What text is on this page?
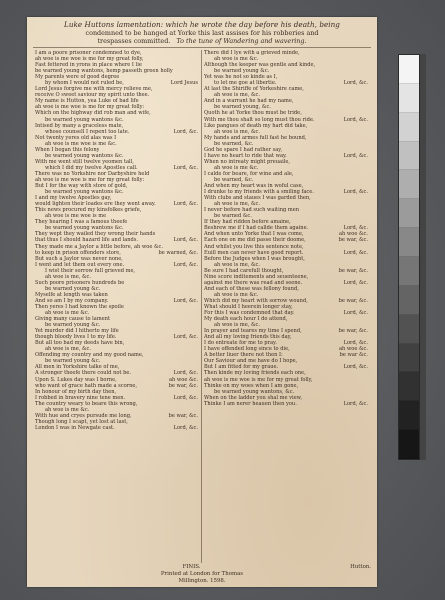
Luke Huttons lamentation: which he wrote the day before his death, being
condemned to be hanged at Yorke this last assises for his robberies and
trespasses committed. To the tune of Wandering and wavering.
I am a poore prisoner condemned to dye,
ah woe is me woe is me for my great folly,
Fast fettered in yrons in place where I lie
be warned young wantons, hemp passeth green holly
My parents were of good degree
by whom I would not ruled be,	Lord Jesus
Lord Jesus forgive me with mercy relieve me,
receive O sweet saviour my spirit unto thee.
My name is Hutton, yea Luke of bad life
ah woe is me woe is me for my great folly:
Which on the highway did rob man and wife,
be warned young wantons &c.
Intised by many a graceless mate,
whose counsell I repent too late.	Lord, &c.
Not twenty yeres old alas was I
ah woe is me woe is me &c.
When I began this felony
be warned young wantons &c.
With me went still twelve yeomen tall,
which I did my twelve Apostles call.	Lord, &c.
There was no Yorkshire nor Darbyshire held
ah woe is me woe is me for my great folly:
But I for the way with store of gold,
be warned young wantons &c.
I and my twelve Apostles gay,
would lighten their loades ere they went away.	Lord, &c.
This news procured my kinsfolkes griefe,
ah woe is me woe is me
They hearing I was a famous theefe
be warned young wantons &c.
They wept they wailed they wrong their hands
that thus I should hazard life and lands.	Lord, &c.
They made me a Jaylor a little before, ah woe &c.
to keep in prison offenders store,	be warned, &c.
But such a Jaylor was never none,
I went and let them out every one.	Lord, &c.
I wist their sorrow full grieved me,
ah woe is me, &c.
Such poore prisoners hundreds be
be warned young &c.
Myselfe at length was taken
And so am I by my company.	Lord, &c.
Then yeres I had known the spoile
ah woe is me &c.
Giving many cause to lament
be warned young &c.
Yet murder did I hitherto my life
though bloody lives I to my life.	Lord, &c.
But all too bad my deeds have bin,
ah woe is me, &c.
Offending my country and my good name,
be warned young &c.
All men in Yorkshire talke of me,
A stronger theefe there could not be.	Lord, &c.
Upon S. Lukes day was I borne,	ah woe &c.
who want of grace hath made a scorne,	be war, &c.
In honour of my birth day then,
I robbed in bravery nine tene men.	Lord, &c.
The country weary to beare this wrong,
ah woe is me &c.
With hue and cryes pursude me long,	be war, &c.
Though long I scapt, yet lost at last,
London I was in Newgate cast.	Lord, &c.
There did I lye with a grieved minde,
ah woe is me &c.
Although the keeper was gentle and kinde,
be warned young &c.
Yet was he not so kinde as I,
to let me goe at libertie.	Lord, &c.
At last the Shiriffe of Yorkeshire came,
ah woe is me, &c.
And in a warrant he had my name,
be warned young, &c.
Quoth he at Yorke thou must be tride,
With me thou shalt so long must thou ride.	Lord, &c.
Like pangues of death my hart did take,
ah woe is me, &c.
My hands and armes full fast he bound,
be warned, &c.
God he spare I had rather say,
I have no heart to ride that way.	Lord, &c.
When no intreaty might preuaile,
ah woe is me &c.
I calde for beare, for wine and ale,
be warned, &c.
And when my heart was in woful case,
I drunke to my friends with a smiling face.	Lord, &c.
With clubs and staues I was garded then,
ah woe is me, &c.
I never before had such waiting men
be warned &c.
If they had ridden before amaine,
Beshrew me if I had callde them againe.	Lord, &c.
And when unto Yorke that I was come,	ah woe &c.
Each one on me did passe their doome,	be war, &c.
And whilst you live this sentence note,
Euill men can never have good report.	Lord, &c.
Before the Judges when I was brought,
ah woe is me, &c.
Be sure I had carefull thought,	be war, &c.
Nine score inditements and seuenteene,
against me there was read and seene.	Lord, &c.
And each of these was fellony found,
ah woe is me &c.
Which did my heart with sorrow wound,	be war, &c.
What should I heerein longer stay,
For this I was condemned that day.	Lord, &c.
My death each hour I do attend,
ah woe is me, &c.
In prayer and teares my time I spend,	be war, &c.
And all my loving friends this day,
I do entreate for me to pray.	Lord, &c.
I have offended long since to die,	ah woe &c.
A better liuer there not then I:	be war &c.
Our Saviour and me have do I hope,
But I am fitted for my graue.	Lord, &c.
Then kinde my loving friends each one,
ah woe is me woe is me for my great folly,
Thinke on my woes when I am gone,
be warned young wantons, &c.
When on the ladder you shal me view,
Thinke I am nerer heauen then you.	Lord, &c.
FINIS.	Hutton.
Printed at London for Thomas
Millington. 1598.
